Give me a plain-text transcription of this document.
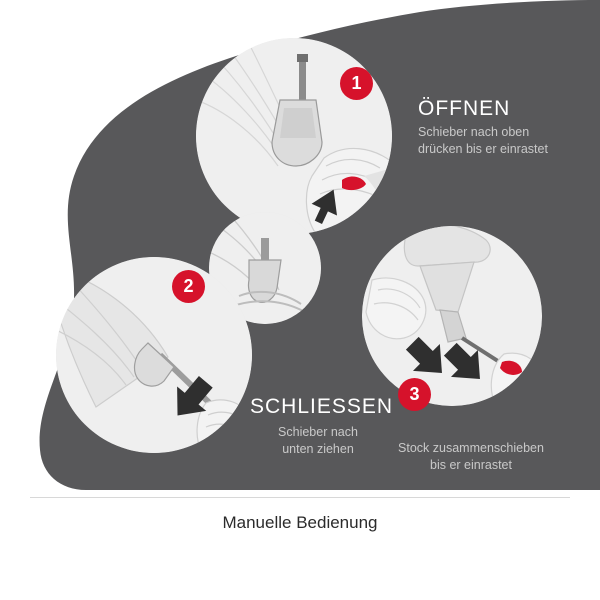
1
2
3
ÖFFNEN
Schieber nach oben
drücken bis er einrastet
SCHLIESSEN
Schieber nach
unten ziehen	Stock zusammenschieben
bis er einrastet
Manuelle Bedienung
